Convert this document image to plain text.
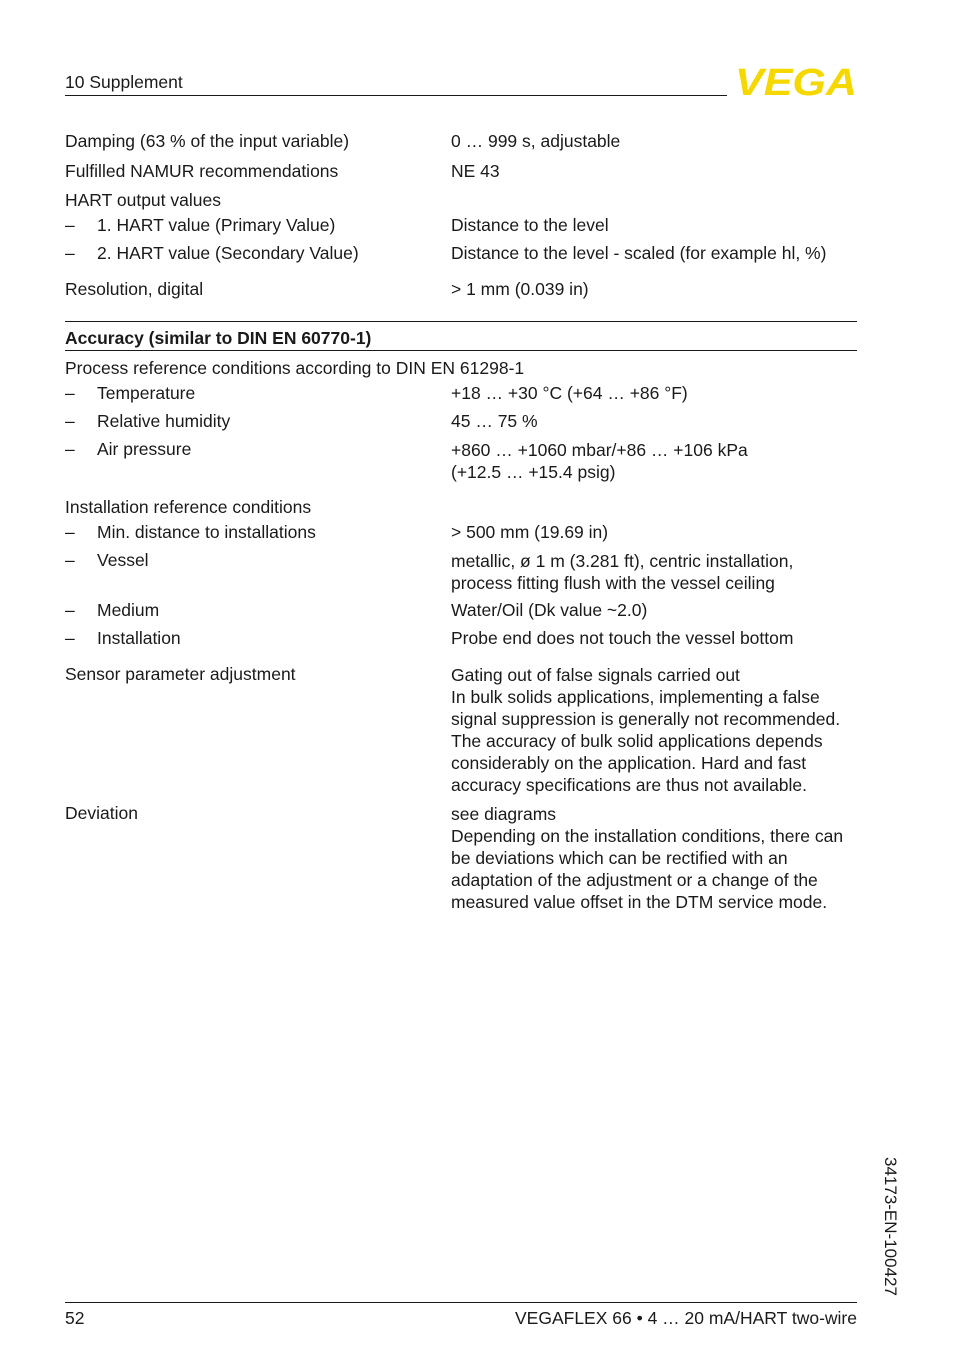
10 Supplement	VEGA
Damping (63 % of the input variable)	0 … 999 s, adjustable
Fulfilled NAMUR recommendations	NE 43
HART output values
– 1. HART value (Primary Value)	Distance to the level
– 2. HART value (Secondary Value)	Distance to the level - scaled (for example hl, %)
Resolution, digital	> 1 mm (0.039 in)
Accuracy (similar to DIN EN 60770-1)
Process reference conditions according to DIN EN 61298-1
– Temperature	+18 … +30 °C (+64 … +86 °F)
– Relative humidity	45 … 75 %
– Air pressure	+860 … +1060 mbar/+86 … +106 kPa
(+12.5 … +15.4 psig)
Installation reference conditions
– Min. distance to installations	> 500 mm (19.69 in)
– Vessel	metallic, ø 1 m (3.281 ft), centric installation,
process fitting flush with the vessel ceiling
– Medium	Water/Oil (Dk value ~2.0)
– Installation	Probe end does not touch the vessel bottom
Sensor parameter adjustment	Gating out of false signals carried out
In bulk solids applications, implementing a false
signal suppression is generally not recommended.
The accuracy of bulk solid applications depends
considerably on the application. Hard and fast
accuracy specifications are thus not available.
Deviation	see diagrams
Depending on the installation conditions, there can
be deviations which can be rectified with an
adaptation of the adjustment or a change of the
measured value offset in the DTM service mode.
34173-EN-100427
52	VEGAFLEX 66 • 4 … 20 mA/HART two-wire
